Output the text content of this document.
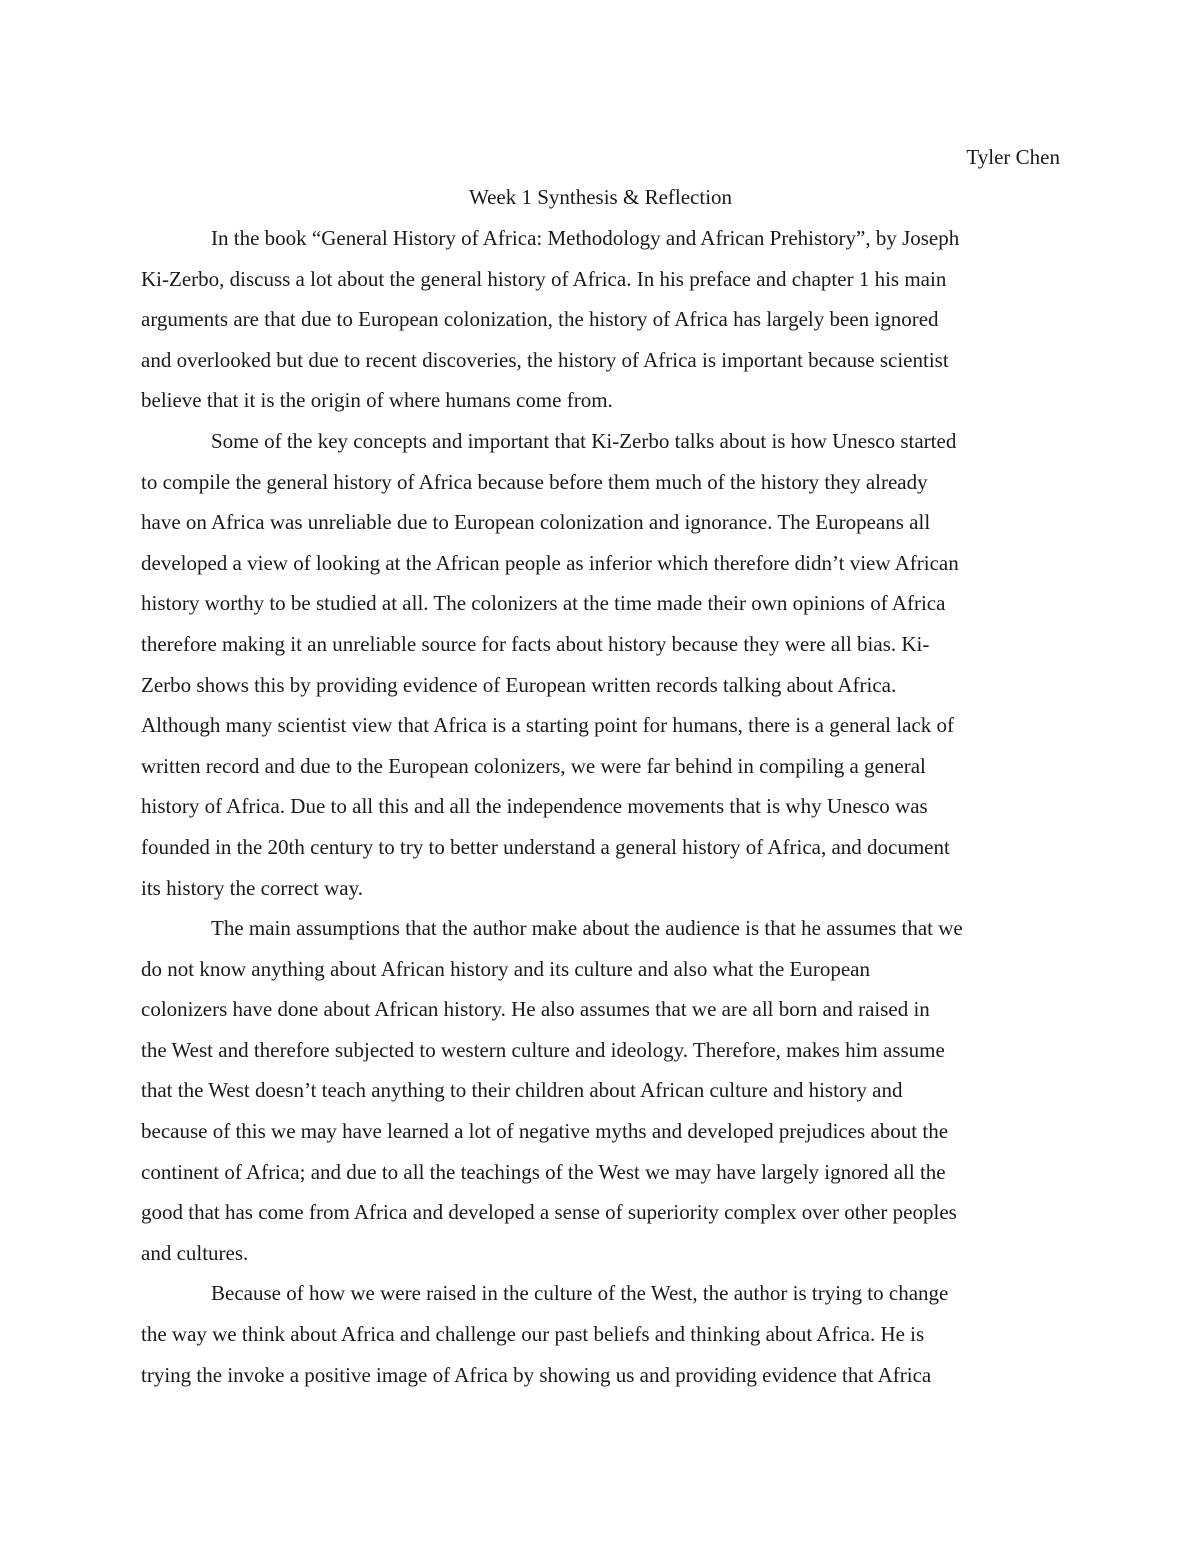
Tyler Chen

Week 1 Synthesis & Reflection

In the book “General History of Africa: Methodology and African Prehistory”, by Joseph
Ki-Zerbo, discuss a lot about the general history of Africa. In his preface and chapter 1 his main
arguments are that due to European colonization, the history of Africa has largely been ignored
and overlooked but due to recent discoveries, the history of Africa is important because scientist
believe that it is the origin of where humans come from.
Some of the key concepts and important that Ki-Zerbo talks about is how Unesco started
to compile the general history of Africa because before them much of the history they already
have on Africa was unreliable due to European colonization and ignorance. The Europeans all
developed a view of looking at the African people as inferior which therefore didn’t view African
history worthy to be studied at all. The colonizers at the time made their own opinions of Africa
therefore making it an unreliable source for facts about history because they were all bias. Ki-
Zerbo shows this by providing evidence of European written records talking about Africa.
Although many scientist view that Africa is a starting point for humans, there is a general lack of
written record and due to the European colonizers, we were far behind in compiling a general
history of Africa. Due to all this and all the independence movements that is why Unesco was
founded in the 20th century to try to better understand a general history of Africa, and document
its history the correct way.
The main assumptions that the author make about the audience is that he assumes that we
do not know anything about African history and its culture and also what the European
colonizers have done about African history. He also assumes that we are all born and raised in
the West and therefore subjected to western culture and ideology. Therefore, makes him assume
that the West doesn’t teach anything to their children about African culture and history and
because of this we may have learned a lot of negative myths and developed prejudices about the
continent of Africa; and due to all the teachings of the West we may have largely ignored all the
good that has come from Africa and developed a sense of superiority complex over other peoples
and cultures.
Because of how we were raised in the culture of the West, the author is trying to change
the way we think about Africa and challenge our past beliefs and thinking about Africa. He is
trying the invoke a positive image of Africa by showing us and providing evidence that Africa
